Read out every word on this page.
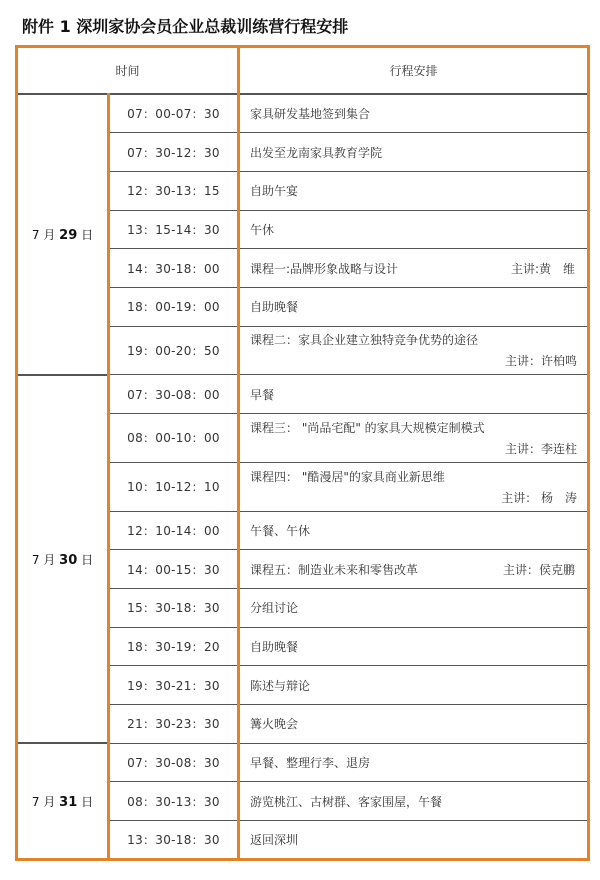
附件 1 深圳家协会员企业总裁训练营行程安排
时间		行程安排
7 月 29 日	07：00-07：30	家具研发基地签到集合

	07：30-12：30	出发至龙南家具教育学院

	12：30-13：15	自助午宴

	13：15-14：30	午休

	14：30-18：00	课程一:品牌形象战略与设计 主讲:黄　维

	18：00-19：00	自助晚餐

	19：00-20：50	课程二：家具企业建立独特竞争优势的途径
主讲：许柏鸣

7 月 30 日	07：30-08：00	早餐

	08：00-10：00	课程三： "尚品宅配" 的家具大规模定制模式
主讲：李连柱

	10：10-12：10	课程四： "酷漫居"的家具商业新思维
主讲： 杨　涛

	12：10-14：00	午餐、午休

	14：00-15：30	课程五：制造业未来和零售改革 主讲：侯克鹏

	15：30-18：30	分组讨论

	18：30-19：20	自助晚餐

	19：30-21：30	陈述与辩论

	21：30-23：30	篝火晚会

7 月 31 日	07：30-08：30	早餐、整理行李、退房

	08：30-13：30	游览桃江、古树群、客家围屋，午餐

	13：30-18：30	返回深圳
